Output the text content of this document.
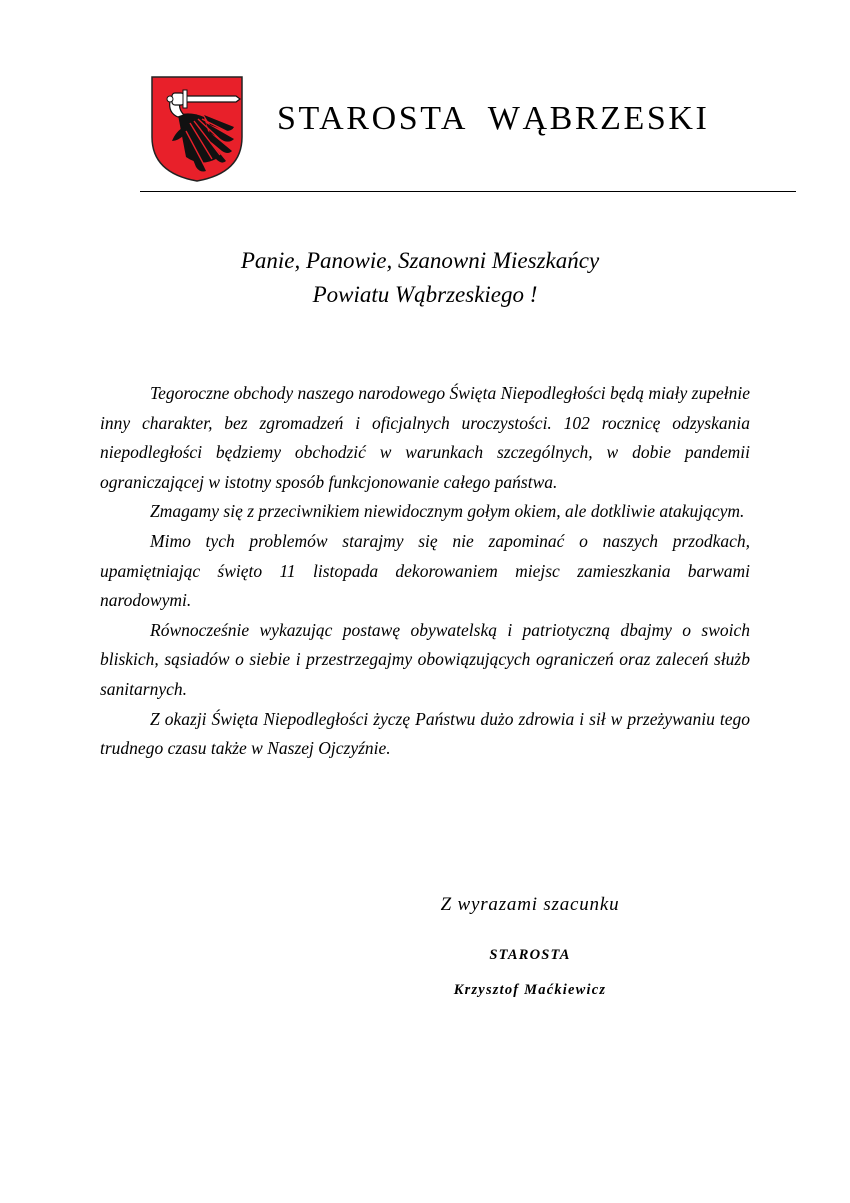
STAROSTA  WĄBRZESKI
Panie, Panowie, Szanowni Mieszkańcy
Powiatu Wąbrzeskiego !

Tegoroczne obchody naszego narodowego Święta Niepodległości będą miały zupełnie inny charakter, bez zgromadzeń i oficjalnych uroczystości. 102 rocznicę odzyskania niepodległości będziemy obchodzić w warunkach szczególnych, w dobie pandemii ograniczającej w istotny sposób funkcjonowanie całego państwa.

Zmagamy się z przeciwnikiem niewidocznym gołym okiem, ale dotkliwie atakującym.

Mimo tych problemów starajmy się nie zapominać o naszych przodkach, upamiętniając święto 11 listopada dekorowaniem miejsc zamieszkania barwami narodowymi.

Równocześnie wykazując postawę obywatelską i patriotyczną dbajmy o swoich bliskich, sąsiadów o siebie i przestrzegajmy obowiązujących ograniczeń oraz zaleceń służb sanitarnych.

Z okazji Święta Niepodległości życzę Państwu dużo zdrowia i sił w przeżywaniu tego trudnego czasu także w Naszej Ojczyźnie.

Z wyrazami szacunku
STAROSTA
Krzysztof Maćkiewicz
